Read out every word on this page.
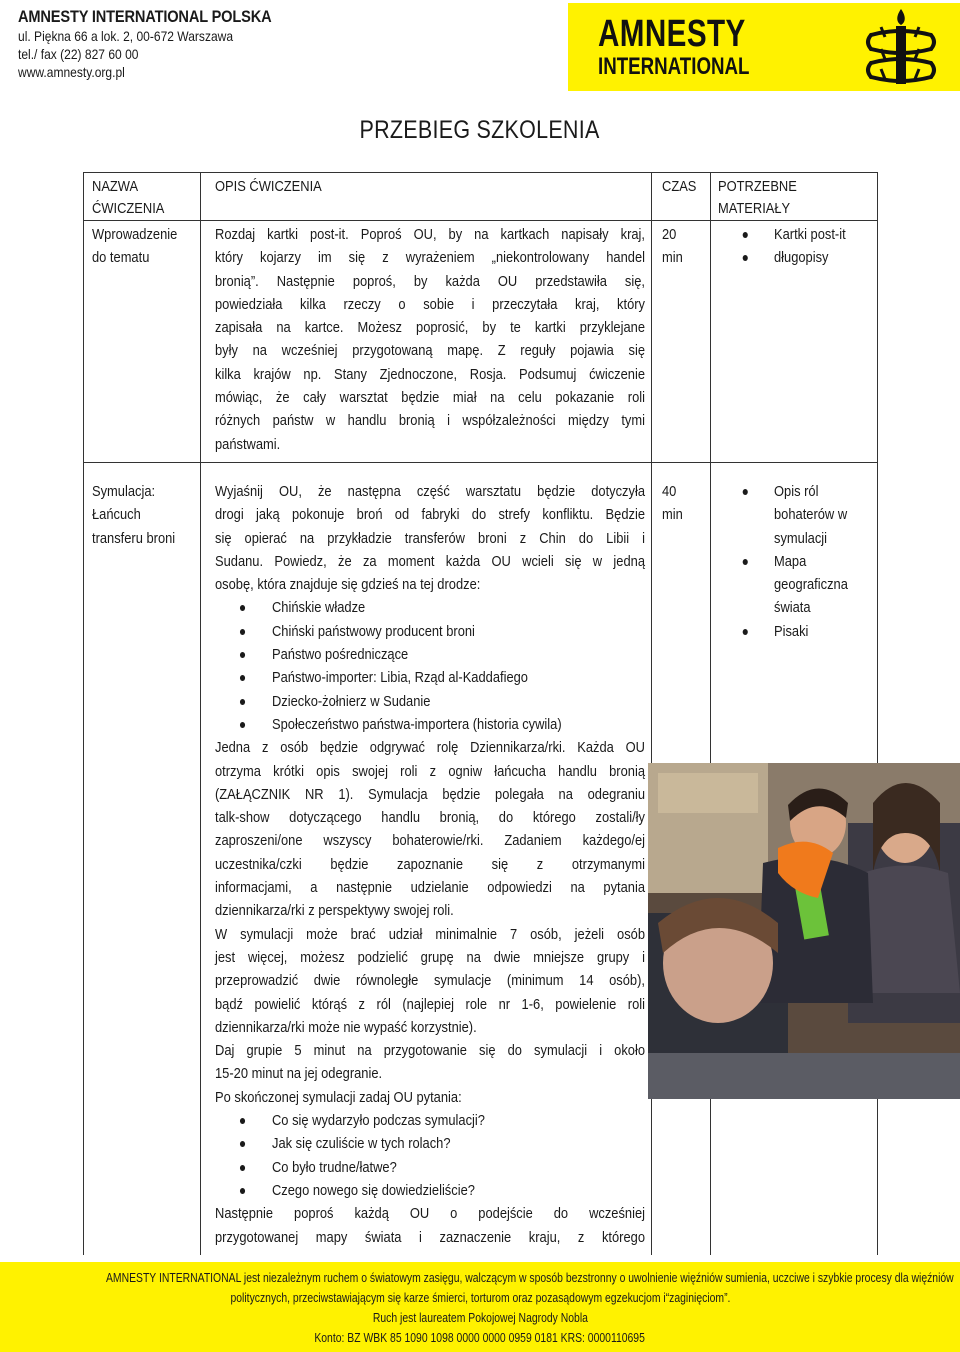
AMNESTY INTERNATIONAL POLSKA
ul. Piękna 66 a lok. 2, 00-672 Warszawa
tel./ fax (22) 827 60 00
www.amnesty.org.pl
AMNESTY
INTERNATIONAL
PRZEBIEG SZKOLENIA
NAZWA
ĆWICZENIA
OPIS ĆWICZENIA	CZAS POTRZEBNE
MATERIAŁY
Wprowadzenie
do tematu
Rozdaj kartki post-it. Poproś OU, by na kartkach napisały kraj,
który kojarzy im się z wyrażeniem „niekontrolowany handel
bronią”. Następnie poproś, by każda OU przedstawiła się,
powiedziała kilka rzeczy o sobie i przeczytała kraj, który
zapisała na kartce. Możesz poprosić, by te kartki przyklejane
były na wcześniej przygotowaną mapę. Z reguły pojawia się
kilka krajów np. Stany Zjednoczone, Rosja. Podsumuj ćwiczenie
mówiąc, że cały warsztat będzie miał na celu pokazanie roli
różnych państw w handlu bronią i współzależności między tymi
państwami.
20
min
Kartki post-it
długopisy
Symulacja:
Łańcuch
transferu broni
Wyjaśnij OU, że następna część warsztatu będzie dotyczyła
drogi jaką pokonuje broń od fabryki do strefy konfliktu. Będzie
się opierać na przykładzie transferów broni z Chin do Libii i
Sudanu. Powiedz, że za moment każda OU wcieli się w jedną
osobę, która znajduje się gdzieś na tej drodze:
Chińskie władze
Chiński państwowy producent broni
Państwo pośredniczące
Państwo-importer: Libia, Rząd al-Kaddafiego
Dziecko-żołnierz w Sudanie
Społeczeństwo państwa-importera (historia cywila)
Jedna z osób będzie odgrywać rolę Dziennikarza/rki. Każda OU
otrzyma krótki opis swojej roli z ogniw łańcucha handlu bronią
(ZAŁĄCZNIK NR 1). Symulacja będzie polegała na odegraniu
talk-show dotyczącego handlu bronią, do którego zostali/ły
zaproszeni/one wszyscy bohaterowie/rki. Zadaniem każdego/ej
uczestnika/czki będzie zapoznanie się z otrzymanymi
informacjami, a następnie udzielanie odpowiedzi na pytania
dziennikarza/rki z perspektywy swojej roli.
W symulacji może brać udział minimalnie 7 osób, jeżeli osób
jest więcej, możesz podzielić grupę na dwie mniejsze grupy i
przeprowadzić dwie równoległe symulacje (minimum 14 osób),
bądź powielić którąś z ról (najlepiej role nr 1-6, powielenie roli
dziennikarza/rki może nie wypaść korzystnie).
Daj grupie 5 minut na przygotowanie się do symulacji i około
15-20 minut na jej odegranie.
Po skończonej symulacji zadaj OU pytania:
Co się wydarzyło podczas symulacji?
Jak się czuliście w tych rolach?
Co było trudne/łatwe?
Czego nowego się dowiedzieliście?
Następnie poproś każdą OU o podejście do wcześniej
przygotowanej mapy świata i zaznaczenie kraju, z którego
40
min
Opis ról
bohaterów w
symulacji
Mapa
geograficzna
świata
Pisaki
AMNESTY INTERNATIONAL jest niezależnym ruchem o światowym zasięgu, walczącym w sposób bezstronny o uwolnienie więźniów sumienia, uczciwe i szybkie procesy dla więźniów
politycznych, przeciwstawiającym się karze śmierci, torturom oraz pozasądowym egzekucjom i“zaginięciom”.
Ruch jest laureatem Pokojowej Nagrody Nobla
Konto: BZ WBK 85 1090 1098 0000 0000 0959 0181 KRS: 0000110695
